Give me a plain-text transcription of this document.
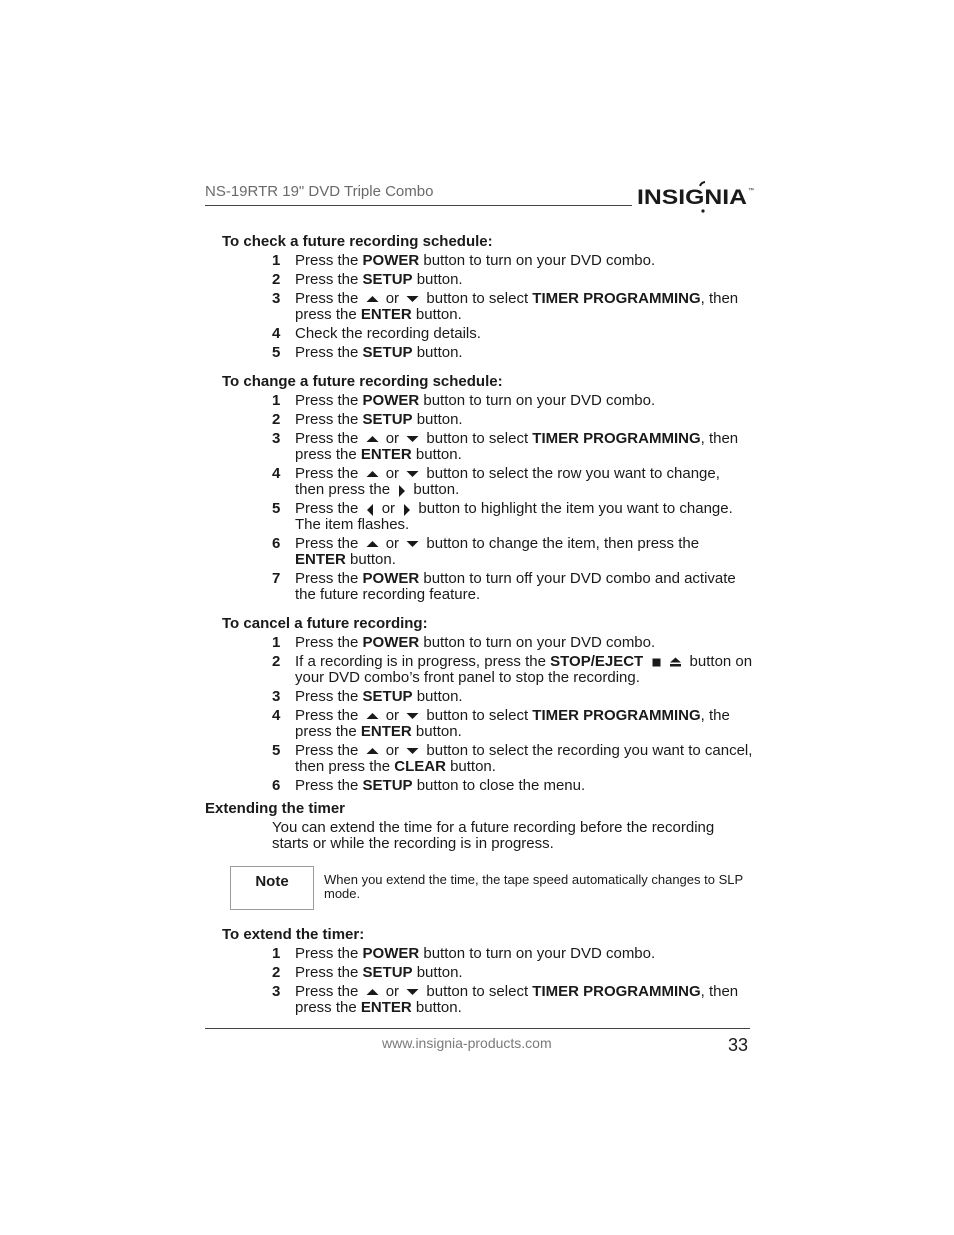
NS-19RTR 19" DVD Triple Combo	INSIGNIA ™
To check a future recording schedule:
1 Press the POWER button to turn on your DVD combo.
2 Press the SETUP button.
3 Press the
or
button to select TIMER PROGRAMMING, then press the ENTER button.
4 Check the recording details.
5 Press the SETUP button.
To change a future recording schedule:
1 Press the POWER button to turn on your DVD combo.
2 Press the SETUP button.
3 Press the
or
button to select TIMER PROGRAMMING, then press the ENTER button.
4 Press the
or
button to select the row you want to change, then press the
button.
5 Press the
or
button to highlight the item you want to change. The item flashes.
6 Press the
or
button to change the item, then press the ENTER button.
7 Press the POWER button to turn off your DVD combo and activate the future recording feature.
To cancel a future recording:
1 Press the POWER button to turn on your DVD combo.
2 If a recording is in progress, press the STOP/EJECT	button on your DVD combo’s front panel to stop the recording.
3 Press the SETUP button.
4 Press the
or
button to select TIMER PROGRAMMING, the press the ENTER button.
5 Press the
or
button to select the recording you want to cancel, then press the CLEAR button.
6 Press the SETUP button to close the menu.
Extending the timer
You can extend the time for a future recording before the recording starts or while the recording is in progress.
Note	When you extend the time, the tape speed automatically changes to SLP mode.
To extend the timer:
1 Press the POWER button to turn on your DVD combo.
2 Press the SETUP button.
3 Press the
or
button to select TIMER PROGRAMMING, then press the ENTER button.
www.insignia-products.com	33
